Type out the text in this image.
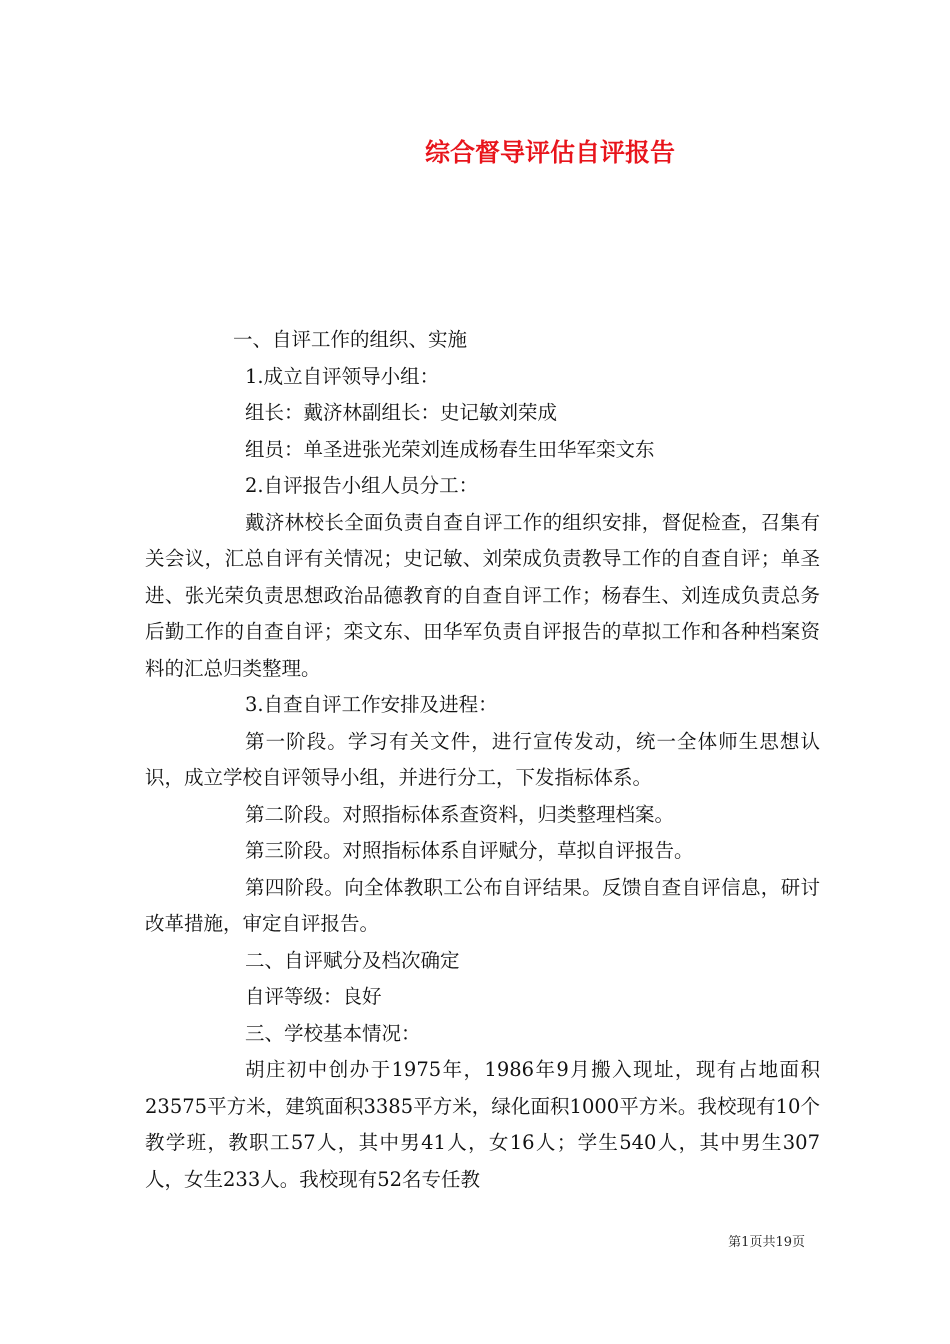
综合督导评估自评报告
一、自评工作的组织、实施
1.成立自评领导小组：
组长：戴济林副组长：史记敏刘荣成
组员：单圣进张光荣刘连成杨春生田华军栾文东
2.自评报告小组人员分工：
戴济林校长全面负责自查自评工作的组织安排，督促检查，召集有关会议，汇总自评有关情况；史记敏、刘荣成负责教导工作的自查自评；单圣进、张光荣负责思想政治品德教育的自查自评工作；杨春生、刘连成负责总务后勤工作的自查自评；栾文东、田华军负责自评报告的草拟工作和各种档案资料的汇总归类整理。
3.自查自评工作安排及进程：
第一阶段。学习有关文件，进行宣传发动，统一全体师生思想认识，成立学校自评领导小组，并进行分工，下发指标体系。
第二阶段。对照指标体系查资料，归类整理档案。
第三阶段。对照指标体系自评赋分，草拟自评报告。
第四阶段。向全体教职工公布自评结果。反馈自查自评信息，研讨改革措施，审定自评报告。
二、自评赋分及档次确定
自评等级：良好
三、学校基本情况：
胡庄初中创办于1975年，1986年9月搬入现址，现有占地面积23575平方米，建筑面积3385平方米，绿化面积1000平方米。我校现有10个教学班，教职工57人，其中男41人，女16人；学生540人，其中男生307人，女生233人。我校现有52名专任教
第1页共19页
